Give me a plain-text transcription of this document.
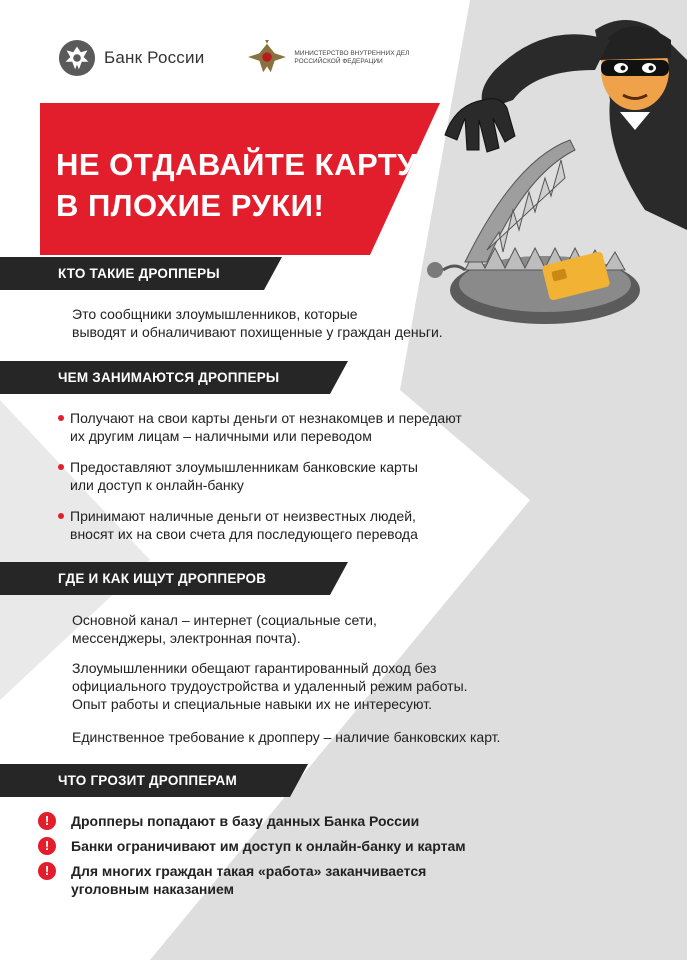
Банк России	МИНИСТЕРСТВО ВНУТРЕННИХ ДЕЛ
РОССИЙСКОЙ ФЕДЕРАЦИИ
НЕ ОТДАВАЙТЕ КАРТУ
В ПЛОХИЕ РУКИ!
КТО ТАКИЕ ДРОППЕРЫ
Это сообщники злоумышленников, которые
выводят и обналичивают похищенные у граждан деньги.
ЧЕМ ЗАНИМАЮТСЯ ДРОППЕРЫ
Получают на свои карты деньги от незнакомцев и передают
их другим лицам – наличными или переводом
Предоставляют злоумышленникам банковские карты
или доступ к онлайн-банку
Принимают наличные деньги от неизвестных людей,
вносят их на свои счета для последующего перевода
ГДЕ И КАК ИЩУТ ДРОППЕРОВ
Основной канал – интернет (социальные сети,
мессенджеры, электронная почта).
Злоумышленники обещают гарантированный доход без
официального трудоустройства и удаленный режим работы.
Опыт работы и специальные навыки их не интересуют.
Единственное требование к дропперу – наличие банковских карт.
ЧТО ГРОЗИТ ДРОППЕРАМ
!	Дропперы попадают в базу данных Банка России
!	Банки ограничивают им доступ к онлайн-банку и картам
!	Для многих граждан такая «работа» заканчивается
уголовным наказанием
